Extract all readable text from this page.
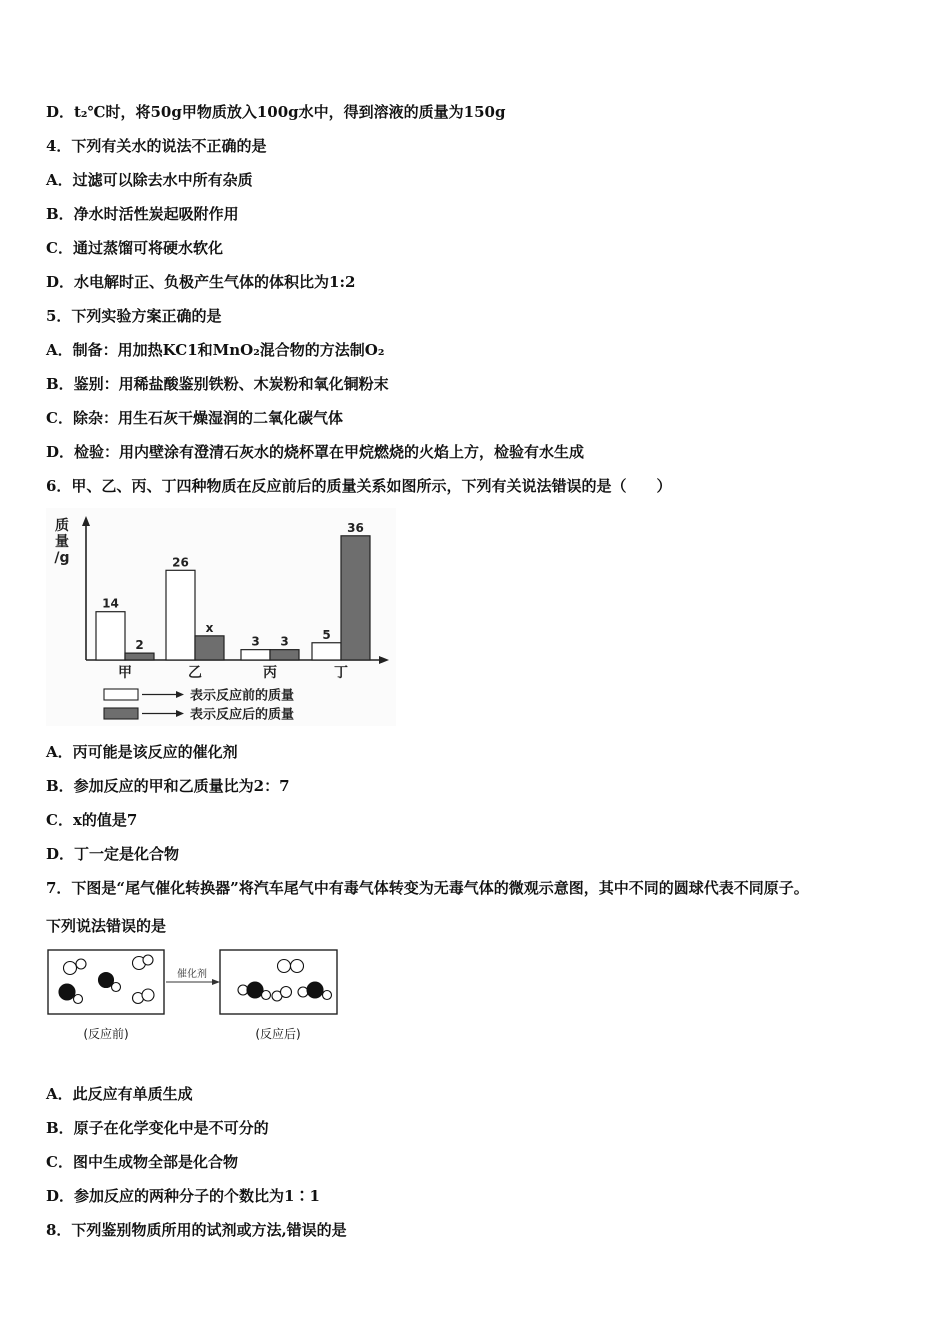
D．t₂℃时，将50g甲物质放入100g水中，得到溶液的质量为150g
4．下列有关水的说法不正确的是
A．过滤可以除去水中所有杂质
B．净水时活性炭起吸附作用
C．通过蒸馏可将硬水软化
D．水电解时正、负极产生气体的体积比为1:2
5．下列实验方案正确的是
A．制备：用加热KC1和MnO₂混合物的方法制O₂
B．鉴别：用稀盐酸鉴别铁粉、木炭粉和氧化铜粉末
C．除杂：用生石灰干燥湿润的二氧化碳气体
D．检验：用内壁涂有澄清石灰水的烧杯罩在甲烷燃烧的火焰上方，检验有水生成
6．甲、乙、丙、丁四种物质在反应前后的质量关系如图所示，下列有关说法错误的是（　　）
质
量
/g
14
2
甲
26
x
乙
3 3
丙
5
36
丁
表示反应前的质量
表示反应后的质量
A．丙可能是该反应的催化剂
B．参加反应的甲和乙质量比为2：7
C．x的值是7
D．丁一定是化合物
7．下图是“尾气催化转换器”将汽车尾气中有毒气体转变为无毒气体的微观示意图，其中不同的圆球代表不同原子。
下列说法错误的是
催化剂
(反应前)	(反应后)
A．此反应有单质生成
B．原子在化学变化中是不可分的
C．图中生成物全部是化合物
D．参加反应的两种分子的个数比为1∶1
8．下列鉴别物质所用的试剂或方法,错误的是
